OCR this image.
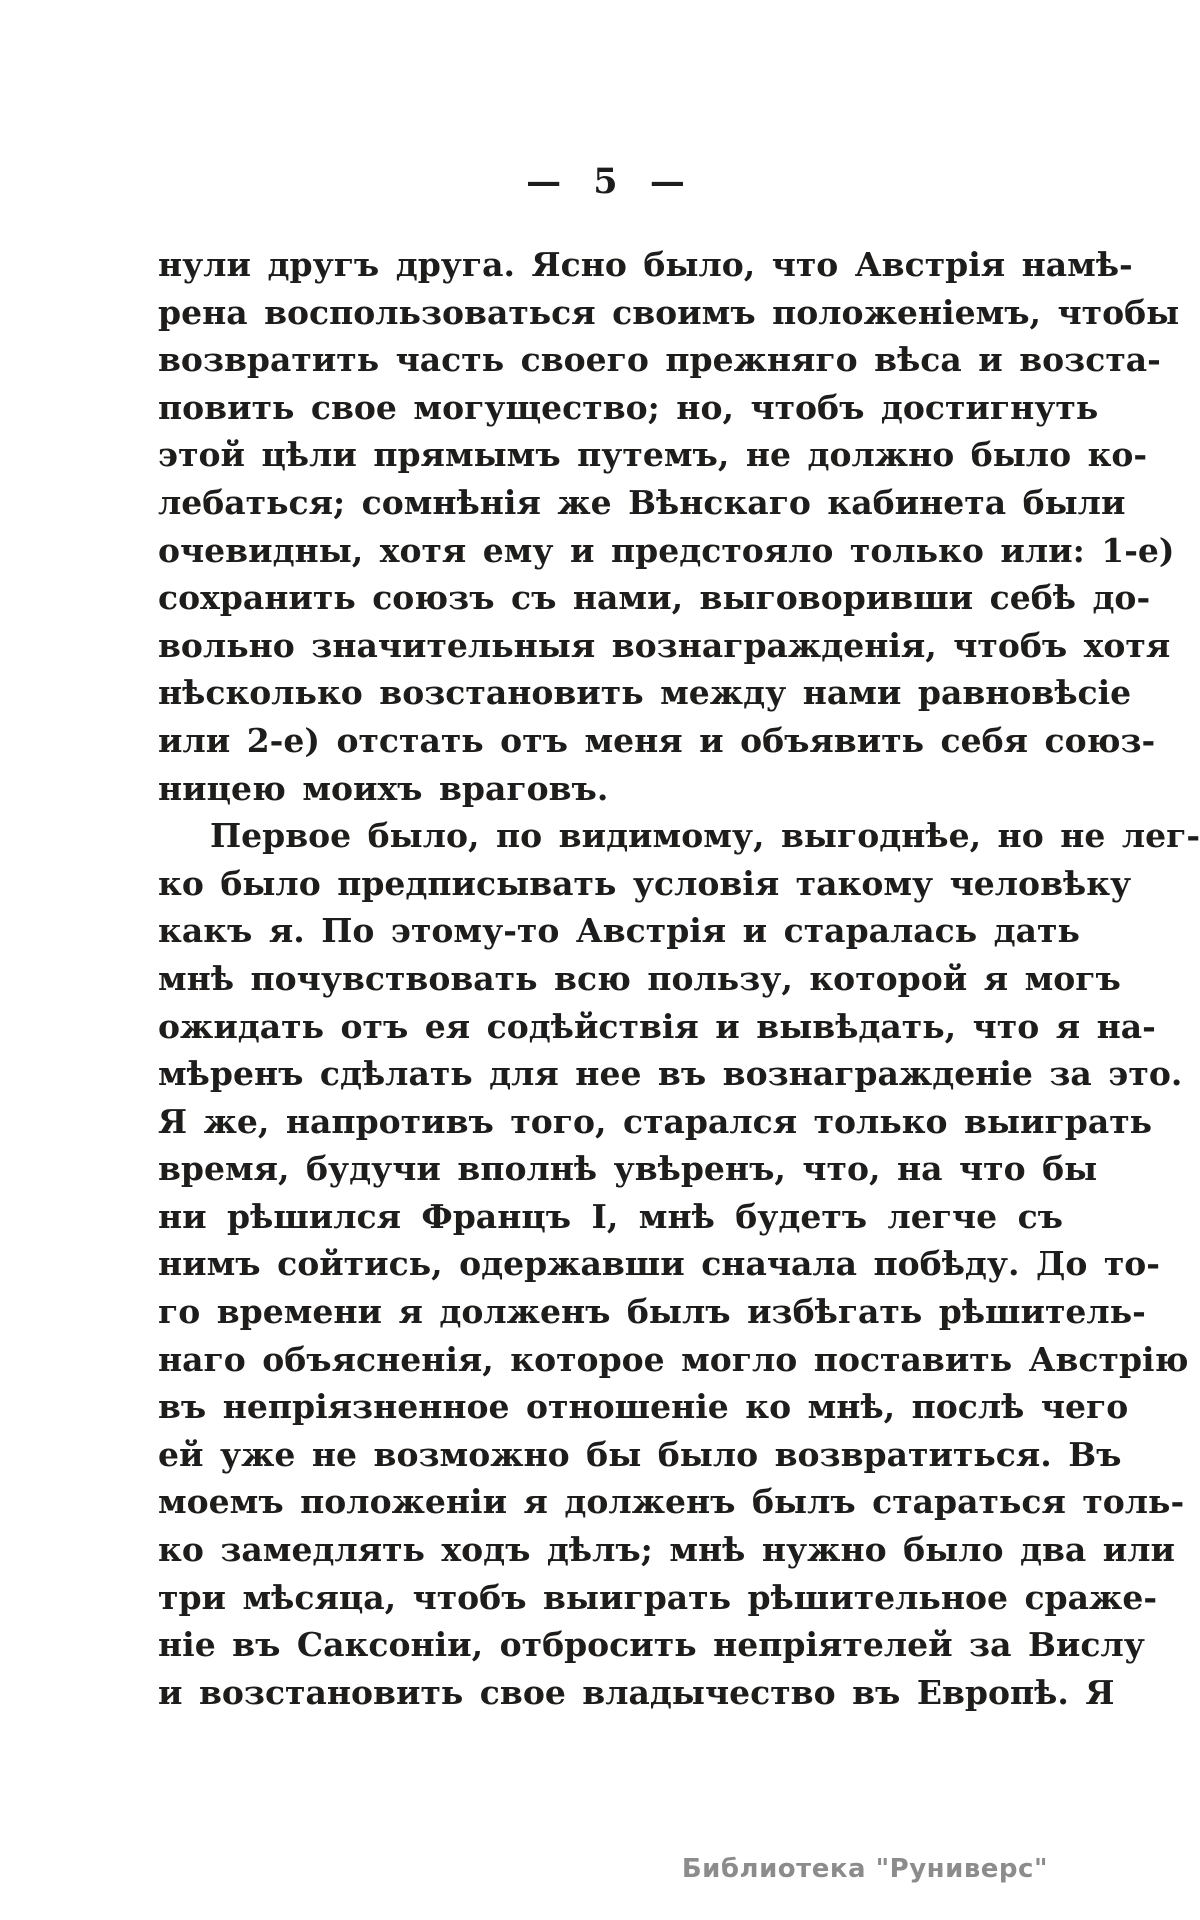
— 5 —
нули другъ друга. Ясно было, что Австрія намѣ-
рена воспользоваться своимъ положеніемъ, чтобы
возвратить часть своего прежняго вѣса и возста-
повить свое могущество; но, чтобъ достигнуть
этой цѣли прямымъ путемъ, не должно было ко-
лебаться; сомнѣнія же Вѣнскаго кабинета были
очевидны, хотя ему и предстояло только или: 1-е)
сохранить союзъ съ нами, выговоривши себѣ до-
вольно значительныя вознагражденія, чтобъ хотя
нѣсколько возстановить между нами равновѣсіе
или 2-е) отстать отъ меня и объявить себя союз-
ницею моихъ враговъ.
Первое было, по видимому, выгоднѣе, но не лег-
ко было предписывать условія такому человѣку
какъ я. По этому-то Австрія и старалась дать
мнѣ почувствовать всю пользу, которой я могъ
ожидать отъ ея содѣйствія и вывѣдать, что я на-
мѣренъ сдѣлать для нее въ вознагражденіе за это.
Я же, напротивъ того, старался только выиграть
время, будучи вполнѣ увѣренъ, что, на что бы
ни рѣшился Францъ I, мнѣ будетъ легче съ
нимъ сойтись, одержавши сначала побѣду. До то-
го времени я долженъ былъ избѣгать рѣшитель-
наго объясненія, которое могло поставить Австрію
въ непріязненное отношеніе ко мнѣ, послѣ чего
ей уже не возможно бы было возвратиться. Въ
моемъ положеніи я долженъ былъ стараться толь-
ко замедлять ходъ дѣлъ; мнѣ нужно было два или
три мѣсяца, чтобъ выиграть рѣшительное сраже-
ніе въ Саксоніи, отбросить непріятелей за Вислу
и возстановить свое владычество въ Европѣ. Я
Библиотека "Руниверс"
